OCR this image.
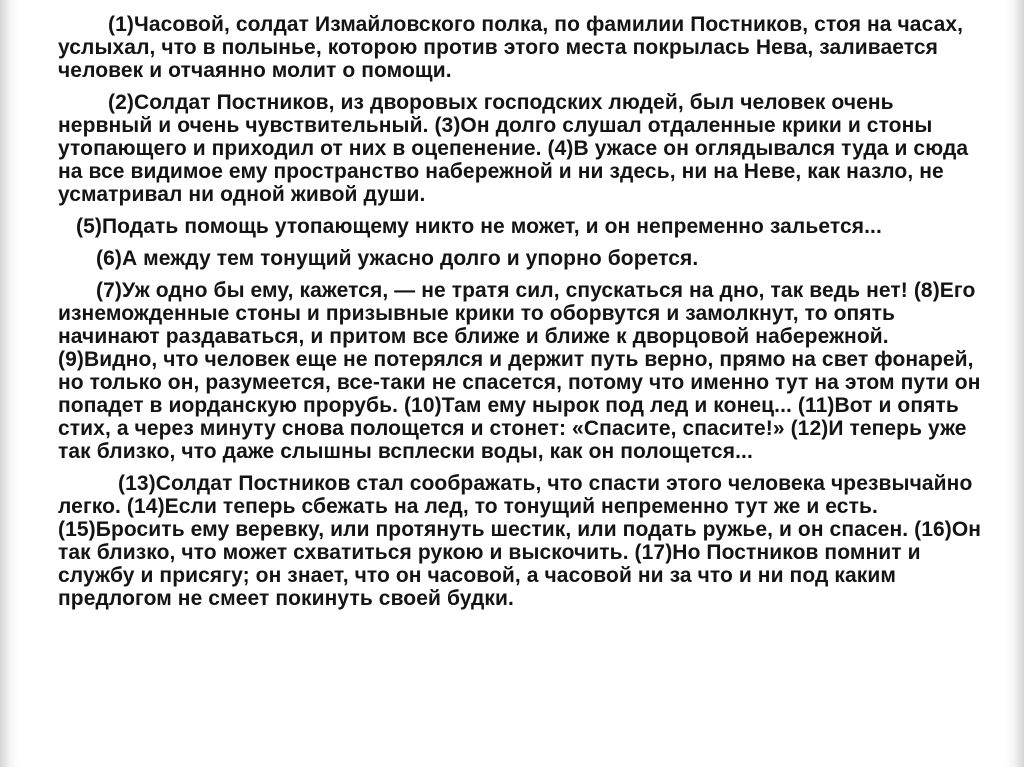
(1)Часовой, солдат Измайловского полка, по фамилии Постников, стоя на часах, услыхал, что в полынье, которою против этого места покрылась Нева, заливается человек и отчаянно молит о помощи.

(2)Солдат Постников, из дворовых господских людей, был человек очень нервный и очень чувствительный. (3)Он долго слушал отдаленные крики и стоны утопающего и приходил от них в оцепенение. (4)В ужасе он оглядывался туда и сюда на все видимое ему пространство набережной и ни здесь, ни на Неве, как назло, не усматривал ни одной живой души.

(5)Подать помощь утопающему никто не может, и он непременно зальется...

(6)А между тем тонущий ужасно долго и упорно борется.

(7)Уж одно бы ему, кажется, — не тратя сил, спускаться на дно, так ведь нет! (8)Его изнеможденные стоны и призывные крики то оборвутся и замолкнут, то опять начинают раздаваться, и притом все ближе и ближе к дворцовой набережной. (9)Видно, что человек еще не потерялся и держит путь верно, прямо на свет фонарей, но только он, разумеется, все-таки не спасется, потому что именно тут на этом пути он попадет в иорданскую прорубь. (10)Там ему нырок под лед и конец... (11)Вот и опять стих, а через минуту снова полощется и стонет: «Спасите, спасите!» (12)И теперь уже так близко, что даже слышны всплески воды, как он полощется...

(13)Солдат Постников стал соображать, что спасти этого человека чрезвычайно легко. (14)Если теперь сбежать на лед, то тонущий непременно тут же и есть. (15)Бросить ему веревку, или протянуть шестик, или подать ружье, и он спасен. (16)Он так близко, что может схватиться рукою и выскочить. (17)Но Постников помнит и службу и присягу; он знает, что он часовой, а часовой ни за что и ни под каким предлогом не смеет покинуть своей будки.
